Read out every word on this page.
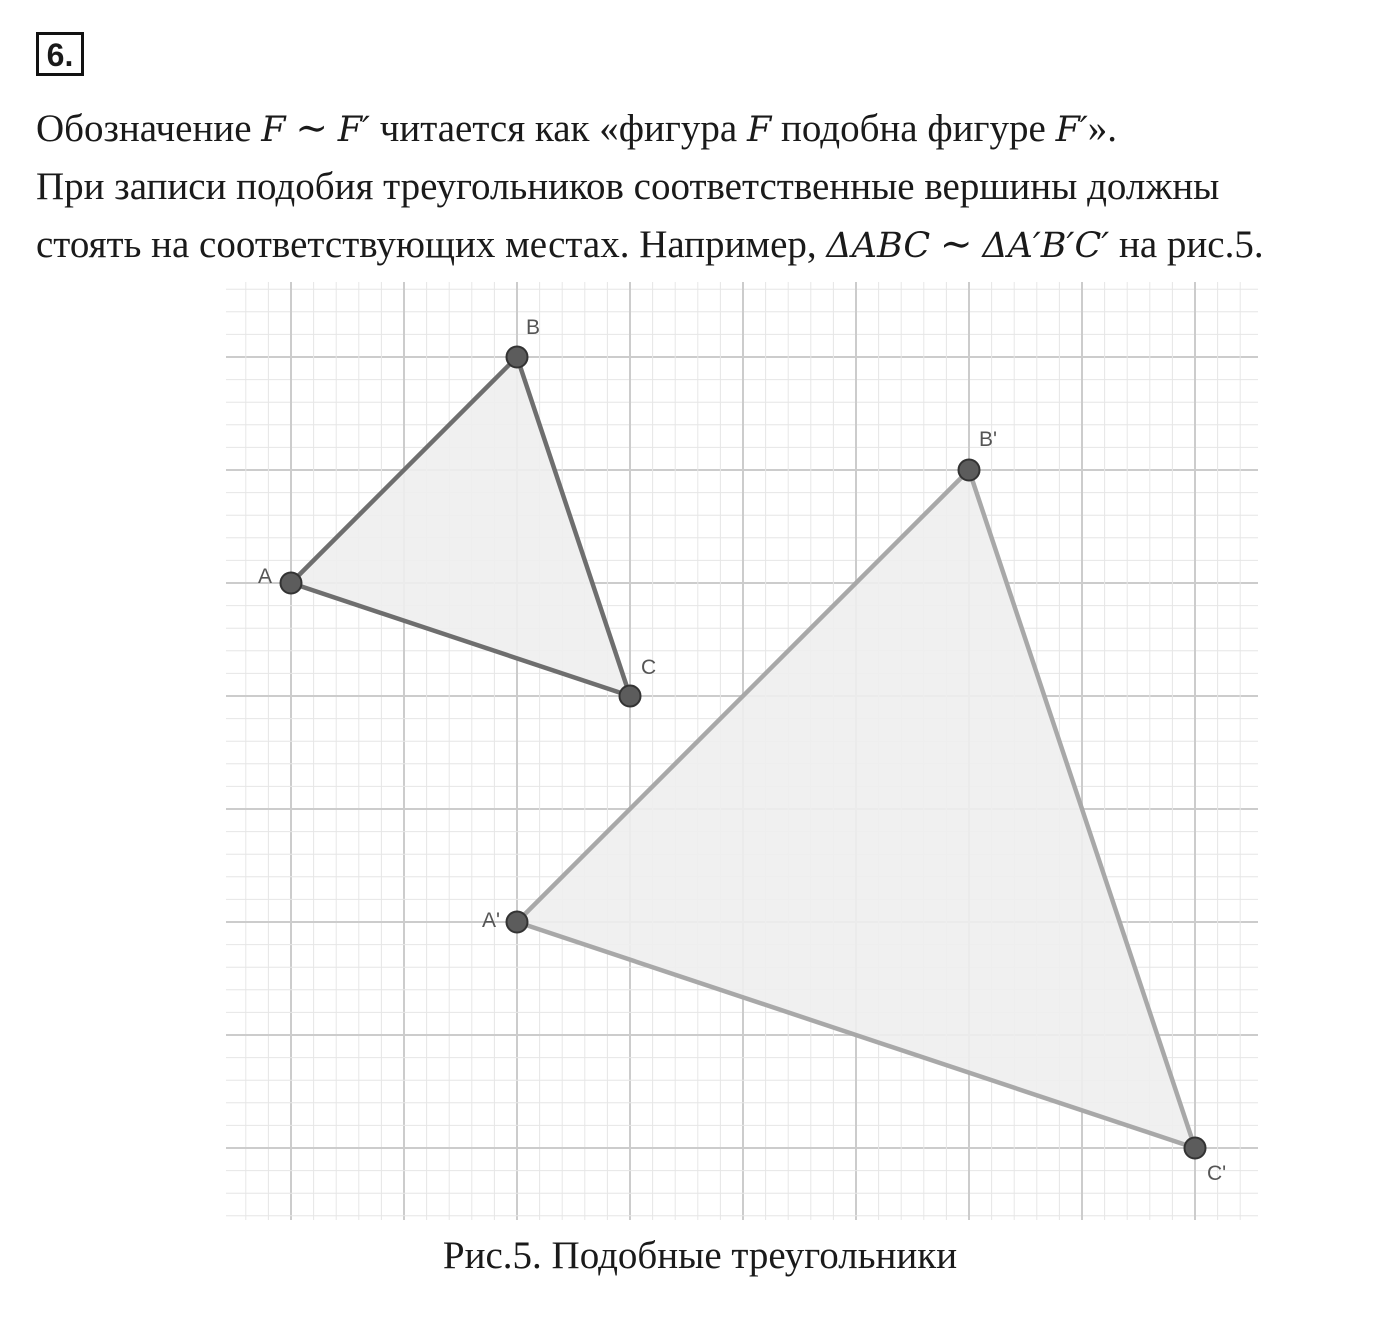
6.
Обозначение F ∼ F′ читается как «фигура F подобна фигуре F′».
При записи подобия треугольников соответственные вершины должны
стоять на соответствующих местах. Например, ΔABC ∼ ΔA′B′C′ на рис.5.
A'
B'
C'
A
B
C
Рис.5. Подобные треугольники
